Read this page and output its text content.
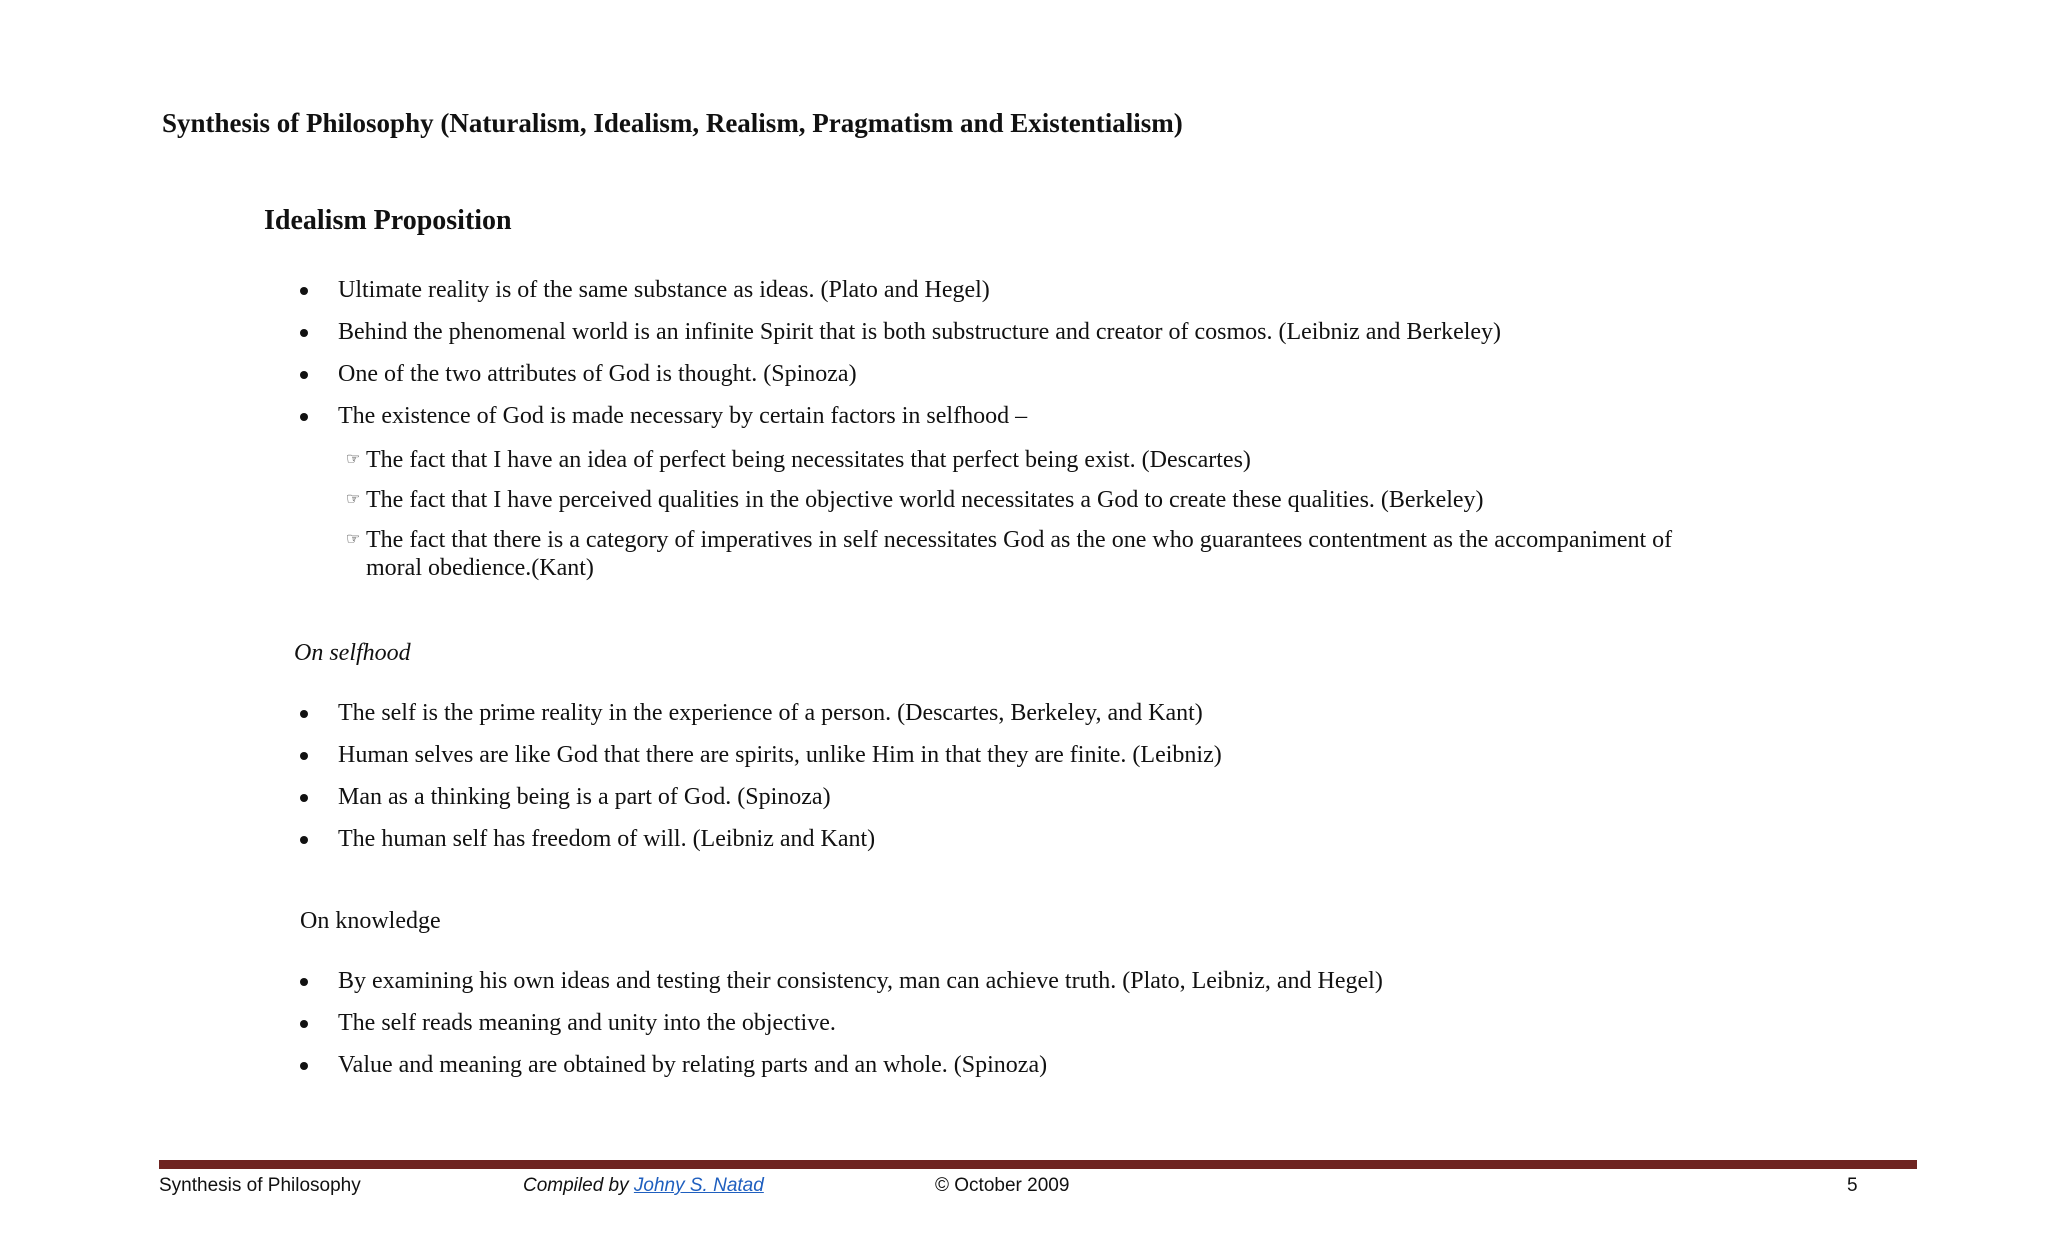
Synthesis of Philosophy (Naturalism, Idealism, Realism, Pragmatism and Existentialism)
Idealism Proposition
Ultimate reality is of the same substance as ideas. (Plato and Hegel)
Behind the phenomenal world is an infinite Spirit that is both substructure and creator of cosmos. (Leibniz and Berkeley)
One of the two attributes of God is thought. (Spinoza)
The existence of God is made necessary by certain factors in selfhood –
☞ The fact that I have an idea of perfect being necessitates that perfect being exist. (Descartes)
☞ The fact that I have perceived qualities in the objective world necessitates a God to create these qualities. (Berkeley)
☞ The fact that there is a category of imperatives in self necessitates God as the one who guarantees contentment as the accompaniment of moral obedience.(Kant)
On selfhood
The self is the prime reality in the experience of a person. (Descartes, Berkeley, and Kant)
Human selves are like God that there are spirits, unlike Him in that they are finite. (Leibniz)
Man as a thinking being is a part of God. (Spinoza)
The human self has freedom of will. (Leibniz and Kant)
On knowledge
By examining his own ideas and testing their consistency, man can achieve truth. (Plato, Leibniz, and Hegel)
The self reads meaning and unity into the objective.
Value and meaning are obtained by relating parts and an whole. (Spinoza)
Synthesis of Philosophy	Compiled by Johny S. Natad	© October 2009	5
